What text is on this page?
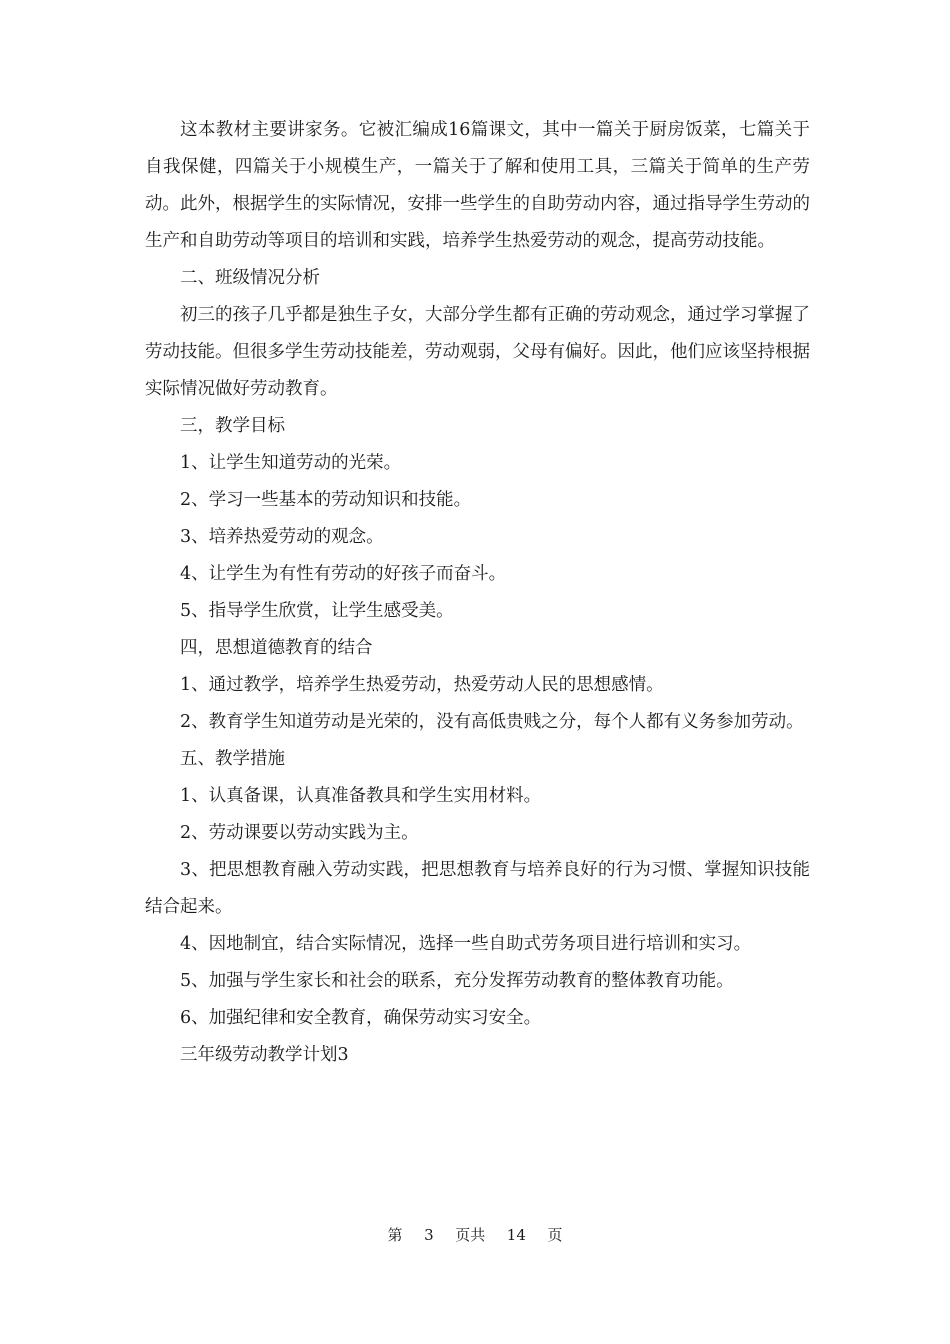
这本教材主要讲家务。它被汇编成16篇课文，其中一篇关于厨房饭菜，七篇关于自我保健，四篇关于小规模生产，一篇关于了解和使用工具，三篇关于简单的生产劳动。此外，根据学生的实际情况，安排一些学生的自助劳动内容，通过指导学生劳动的生产和自助劳动等项目的培训和实践，培养学生热爱劳动的观念，提高劳动技能。

二、班级情况分析

初三的孩子几乎都是独生子女，大部分学生都有正确的劳动观念，通过学习掌握了劳动技能。但很多学生劳动技能差，劳动观弱，父母有偏好。因此，他们应该坚持根据实际情况做好劳动教育。

三，教学目标

1、让学生知道劳动的光荣。

2、学习一些基本的劳动知识和技能。

3、培养热爱劳动的观念。

4、让学生为有性有劳动的好孩子而奋斗。

5、指导学生欣赏，让学生感受美。

四，思想道德教育的结合

1、通过教学，培养学生热爱劳动，热爱劳动人民的思想感情。

2、教育学生知道劳动是光荣的，没有高低贵贱之分，每个人都有义务参加劳动。

五、教学措施

1、认真备课，认真准备教具和学生实用材料。

2、劳动课要以劳动实践为主。

3、把思想教育融入劳动实践，把思想教育与培养良好的行为习惯、掌握知识技能结合起来。

4、因地制宜，结合实际情况，选择一些自助式劳务项目进行培训和实习。

5、加强与学生家长和社会的联系，充分发挥劳动教育的整体教育功能。

6、加强纪律和安全教育，确保劳动实习安全。

三年级劳动教学计划3

第 3 页共 14 页
